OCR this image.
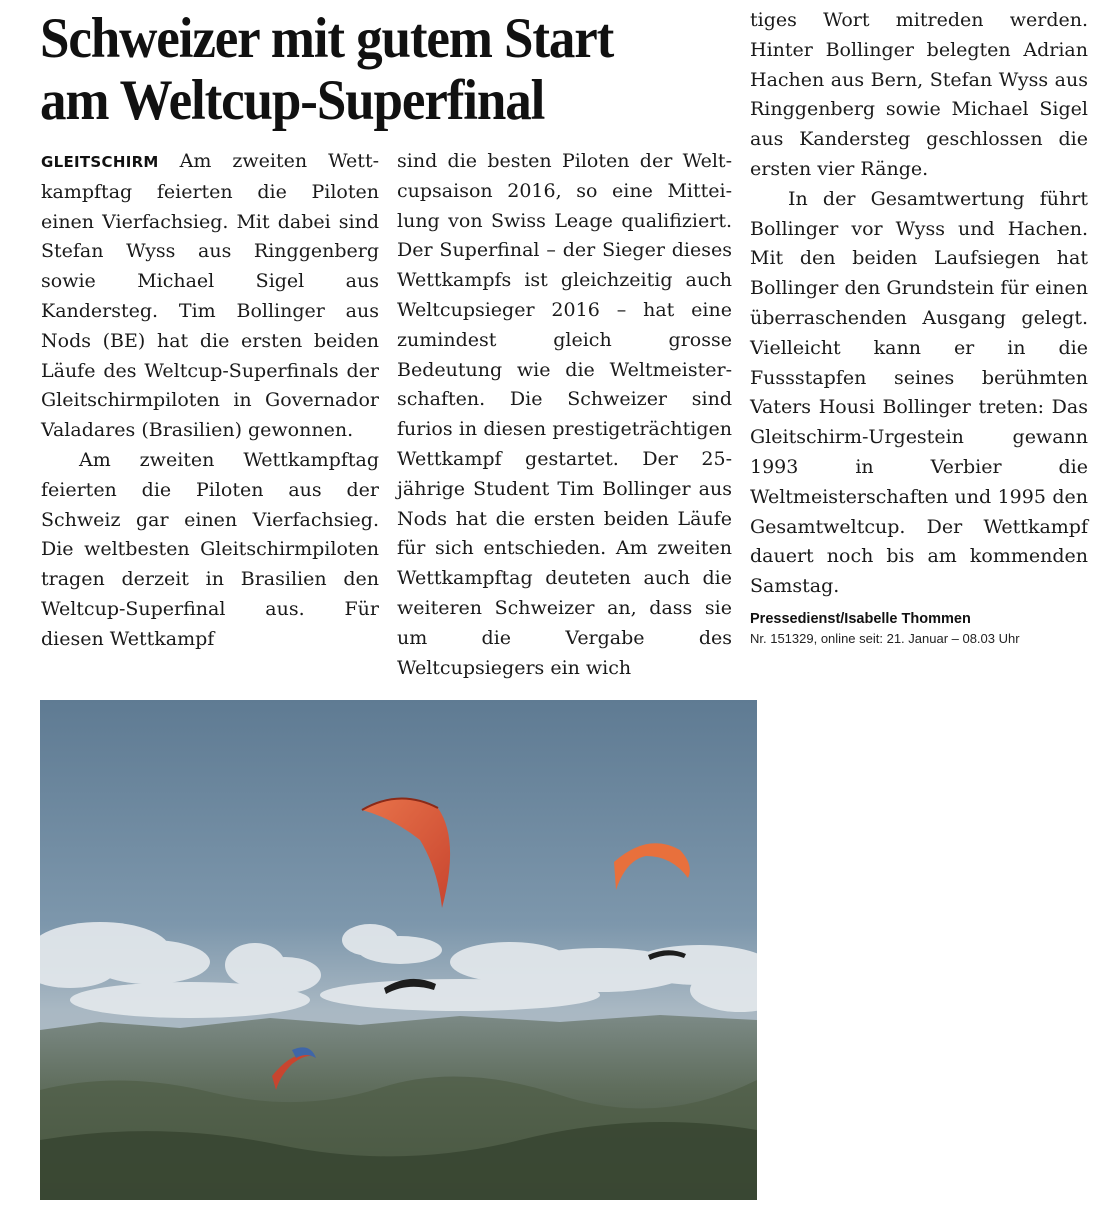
Schweizer mit gutem Start
am Weltcup-Superfinal

GLEITSCHIRM Am zweiten Wettkampftag feierten die Piloten einen Vierfachsieg. Mit dabei sind Stefan Wyss aus Ringgenberg sowie Michael Sigel aus Kandersteg. Tim Bollinger aus Nods (BE) hat die ersten beiden Läufe des Weltcup-Superfinals der Gleitschirmpiloten in Governador Valadares (Brasilien) gewonnen.

Am zweiten Wettkampftag feierten die Piloten aus der Schweiz gar einen Vierfachsieg. Die weltbesten Gleitschirmpiloten tragen derzeit in Brasilien den Weltcup-Superfinal aus. Für diesen Wettkampf

sind die besten Piloten der Weltcupsaison 2016, so eine Mitteilung von Swiss Leage qualifiziert. Der Superfinal – der Sieger dieses Wettkampfs ist gleichzeitig auch Weltcupsieger 2016 – hat eine zumindest gleich grosse Bedeutung wie die Weltmeisterschaften. Die Schweizer sind furios in diesen prestigeträchtigen Wettkampf gestartet. Der 25-jährige Student Tim Bollinger aus Nods hat die ersten beiden Läufe für sich entschieden. Am zweiten Wettkampftag deuteten auch die weiteren Schweizer an, dass sie um die Vergabe des Weltcupsiegers ein wich

tiges Wort mitreden werden. Hinter Bollinger belegten Adrian Hachen aus Bern, Stefan Wyss aus Ringgenberg sowie Michael Sigel aus Kandersteg geschlossen die ersten vier Ränge.

In der Gesamtwertung führt Bollinger vor Wyss und Hachen. Mit den beiden Laufsiegen hat Bollinger den Grundstein für einen überraschenden Ausgang gelegt. Vielleicht kann er in die Fussstapfen seines berühmten Vaters Housi Bollinger treten: Das Gleitschirm-Urgestein gewann 1993 in Verbier die Weltmeisterschaften und 1995 den Gesamtweltcup. Der Wettkampf dauert noch bis am kommenden Samstag.

Pressedienst/Isabelle Thommen
Nr. 151329, online seit: 21. Januar – 08.03 Uhr
